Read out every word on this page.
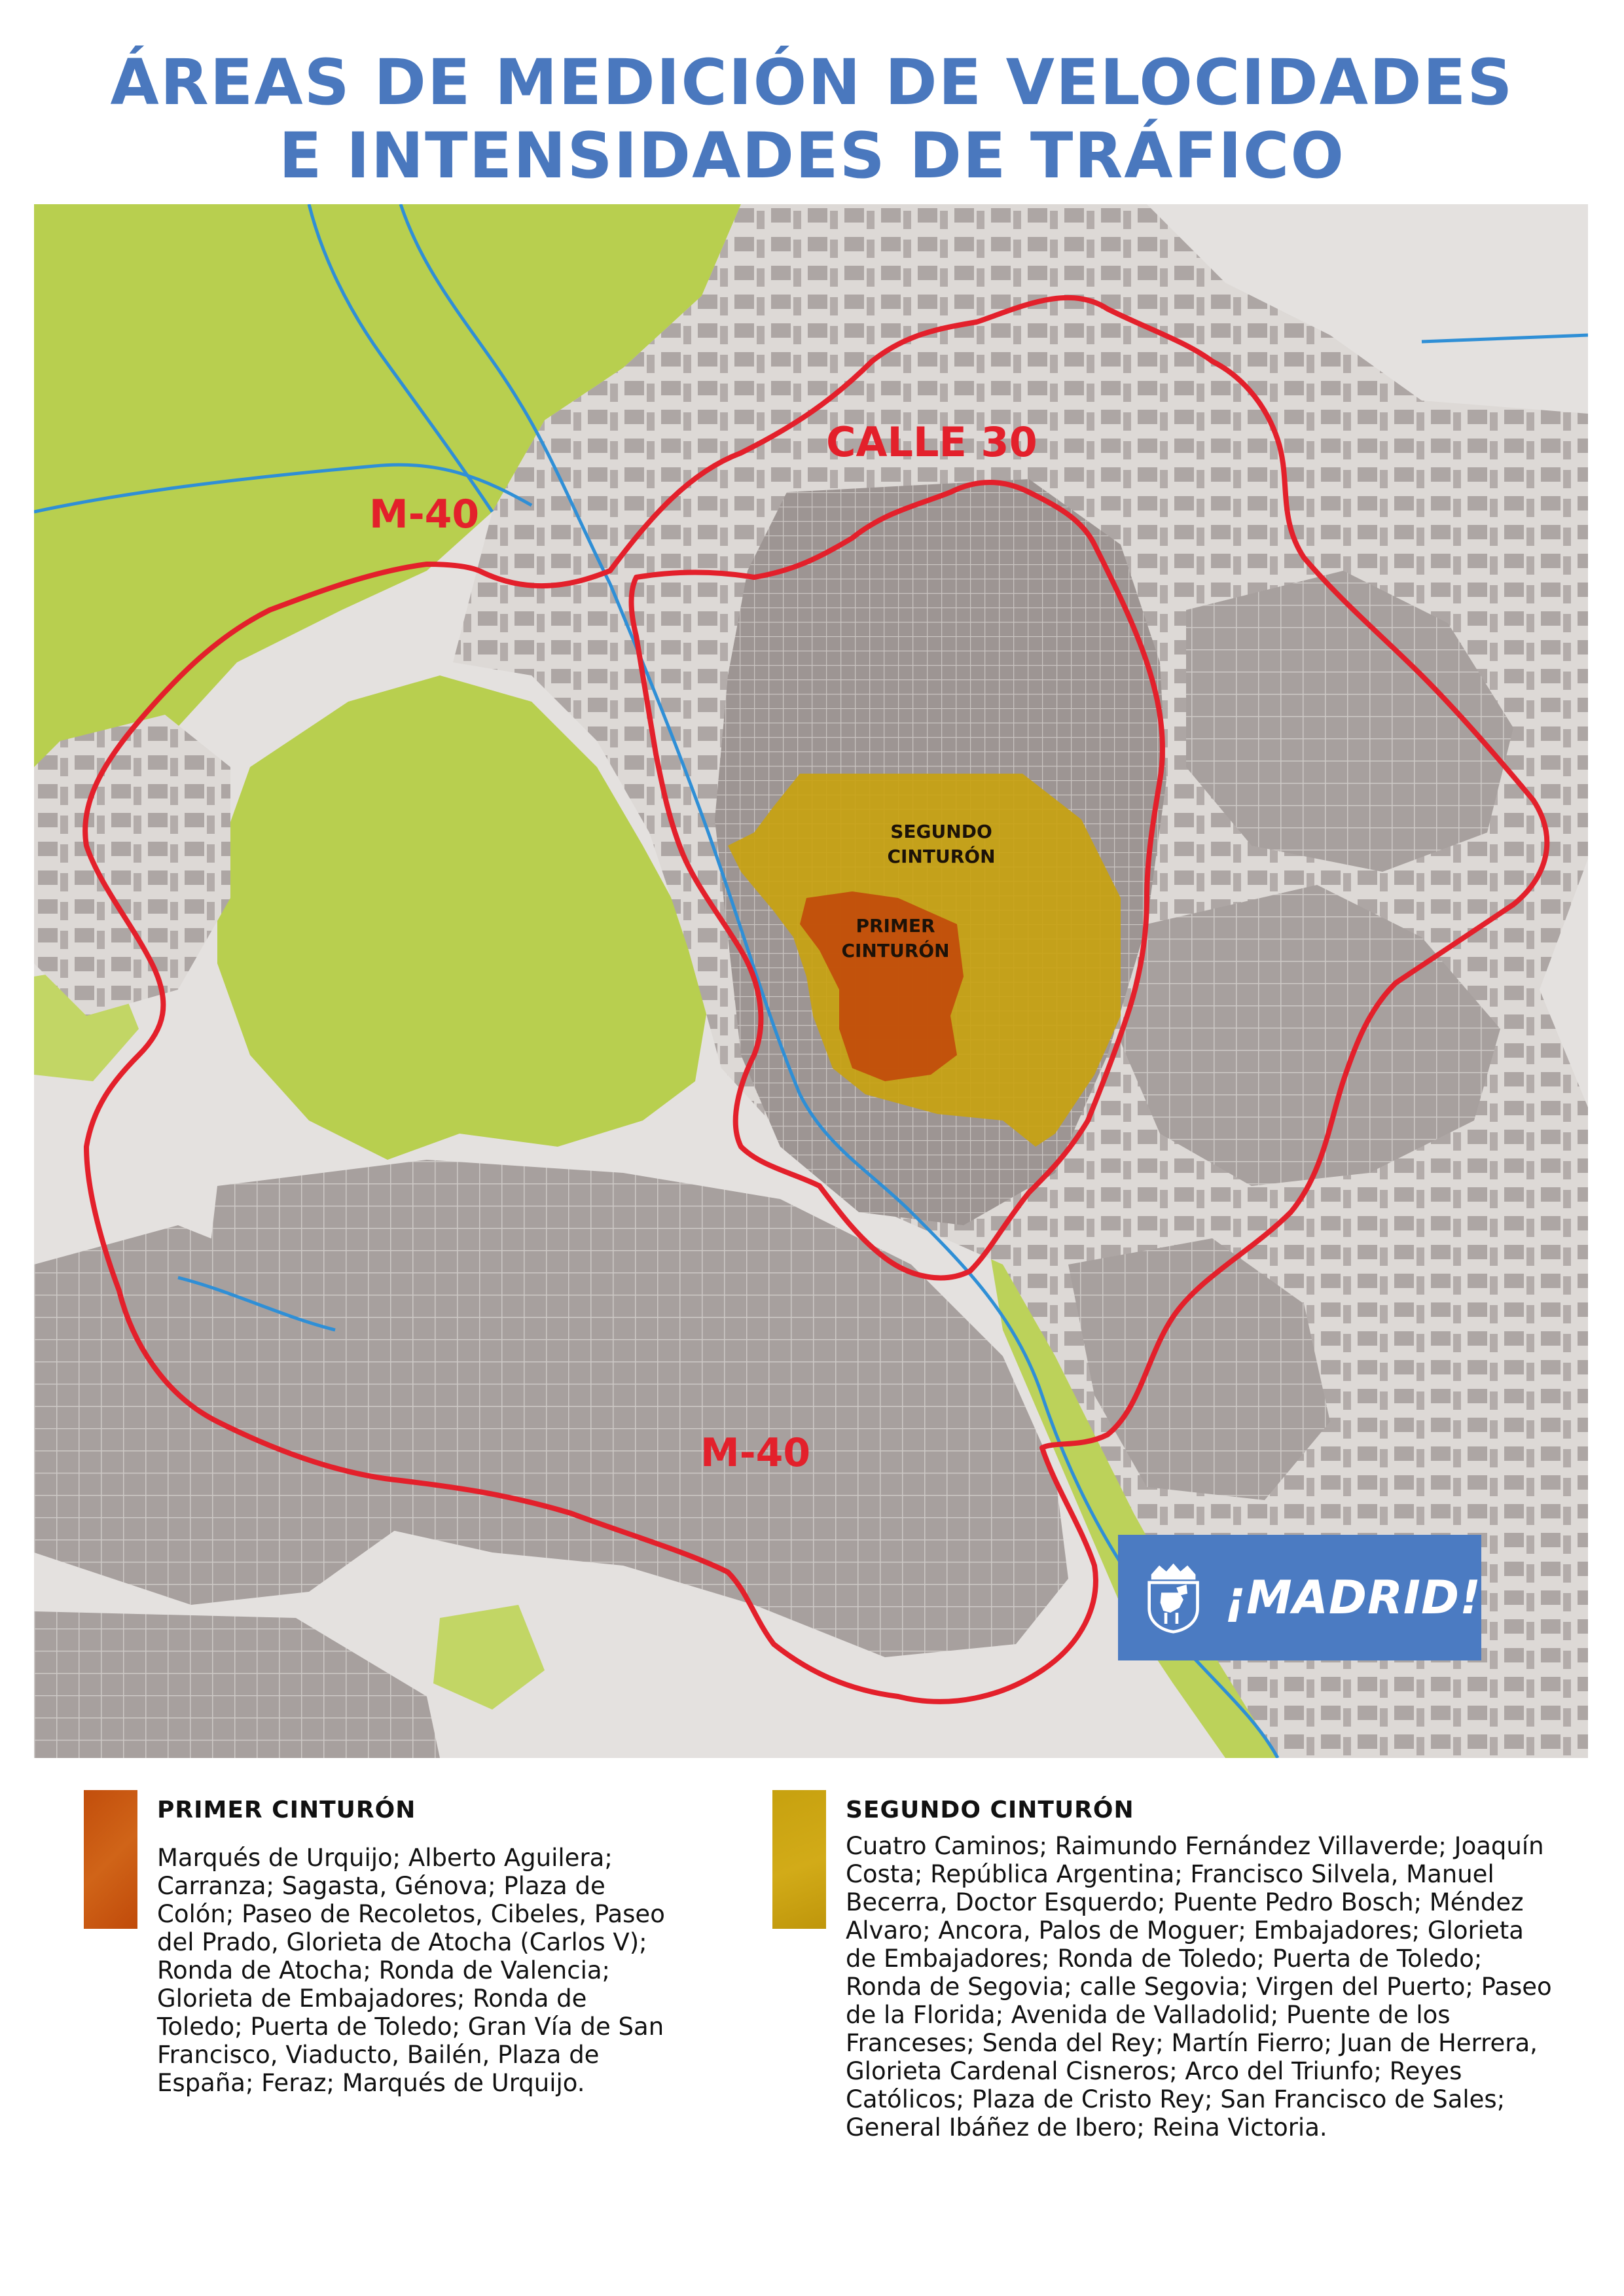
ÁREAS DE MEDICIÓN DE VELOCIDADES
E INTENSIDADES DE TRÁFICO
M-40
CALLE 30
M-40
SEGUNDO
CINTURÓN
PRIMER
CINTURÓN
¡MADRID!
PRIMER CINTURÓN
Marqués de Urquijo; Alberto Aguilera; Carranza; Sagasta, Génova; Plaza de Colón; Paseo de Recoletos, Cibeles, Paseo del Prado, Glorieta de Atocha (Carlos V); Ronda de Atocha; Ronda de Valencia; Glorieta de Embajadores; Ronda de Toledo; Puerta de Toledo; Gran Vía de San Francisco, Viaducto, Bailén, Plaza de España; Feraz; Marqués de Urquijo.
SEGUNDO CINTURÓN
Cuatro Caminos; Raimundo Fernández Villaverde; Joaquín Costa; República Argentina; Francisco Silvela, Manuel Becerra, Doctor Esquerdo; Puente Pedro Bosch; Méndez Alvaro; Ancora, Palos de Moguer; Embajadores; Glorieta de Embajadores; Ronda de Toledo; Puerta de Toledo; Ronda de Segovia; calle Segovia; Virgen del Puerto; Paseo de la Florida; Avenida de Valladolid; Puente de los Franceses; Senda del Rey; Martín Fierro; Juan de Herrera, Glorieta Cardenal Cisneros; Arco del Triunfo; Reyes Católicos; Plaza de Cristo Rey; San Francisco de Sales; General Ibáñez de Ibero; Reina Victoria.
